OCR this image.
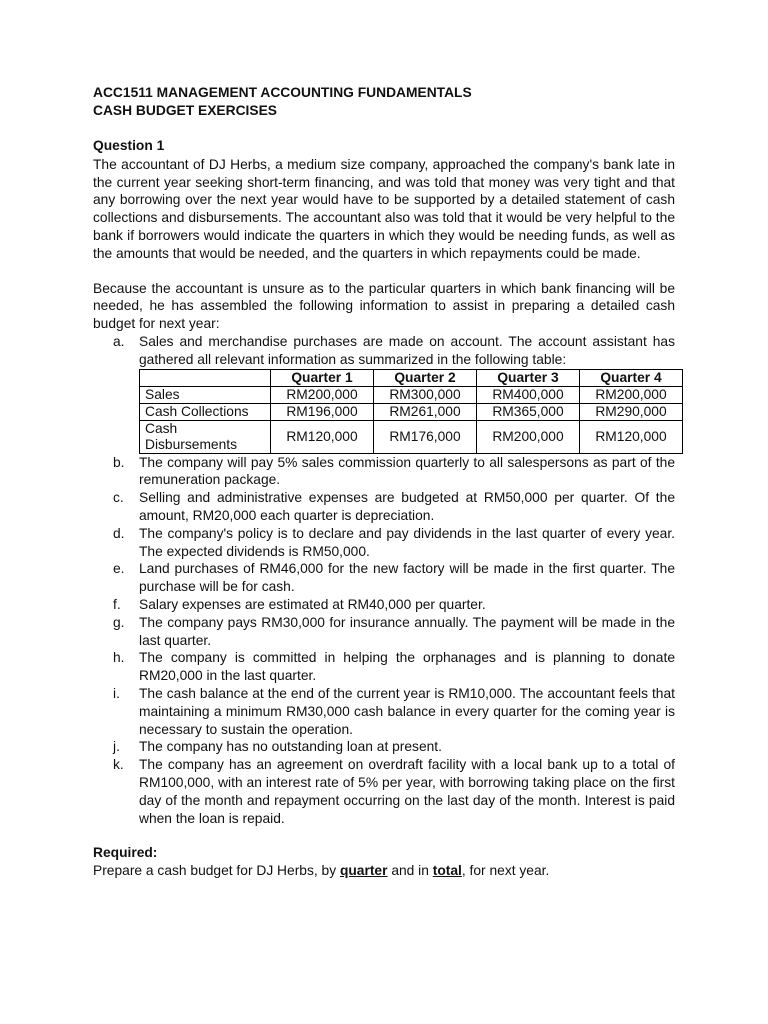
ACC1511 MANAGEMENT ACCOUNTING FUNDAMENTALS
CASH BUDGET EXERCISES
Question 1

The accountant of DJ Herbs, a medium size company, approached the company's bank late in the current year seeking short-term financing, and was told that money was very tight and that any borrowing over the next year would have to be supported by a detailed statement of cash collections and disbursements. The accountant also was told that it would be very helpful to the bank if borrowers would indicate the quarters in which they would be needing funds, as well as the amounts that would be needed, and the quarters in which repayments could be made.

Because the accountant is unsure as to the particular quarters in which bank financing will be needed, he has assembled the following information to assist in preparing a detailed cash budget for next year:

a. Sales and merchandise purchases are made on account. The account assistant has gathered all relevant information as summarized in the following table:
	Quarter 1	Quarter 2	Quarter 3	Quarter 4
Sales	RM200,000	RM300,000	RM400,000	RM200,000
Cash Collections	RM196,000	RM261,000	RM365,000	RM290,000
Cash Disbursements	RM120,000	RM176,000	RM200,000	RM120,000
b. The company will pay 5% sales commission quarterly to all salespersons as part of the remuneration package.
c. Selling and administrative expenses are budgeted at RM50,000 per quarter. Of the amount, RM20,000 each quarter is depreciation.
d. The company's policy is to declare and pay dividends in the last quarter of every year. The expected dividends is RM50,000.
e. Land purchases of RM46,000 for the new factory will be made in the first quarter. The purchase will be for cash.
f. Salary expenses are estimated at RM40,000 per quarter.
g. The company pays RM30,000 for insurance annually. The payment will be made in the last quarter.
h. The company is committed in helping the orphanages and is planning to donate RM20,000 in the last quarter.
i. The cash balance at the end of the current year is RM10,000. The accountant feels that maintaining a minimum RM30,000 cash balance in every quarter for the coming year is necessary to sustain the operation.
j. The company has no outstanding loan at present.
k. The company has an agreement on overdraft facility with a local bank up to a total of RM100,000, with an interest rate of 5% per year, with borrowing taking place on the first day of the month and repayment occurring on the last day of the month. Interest is paid when the loan is repaid.
Required:

Prepare a cash budget for DJ Herbs, by quarter and in total, for next year.
